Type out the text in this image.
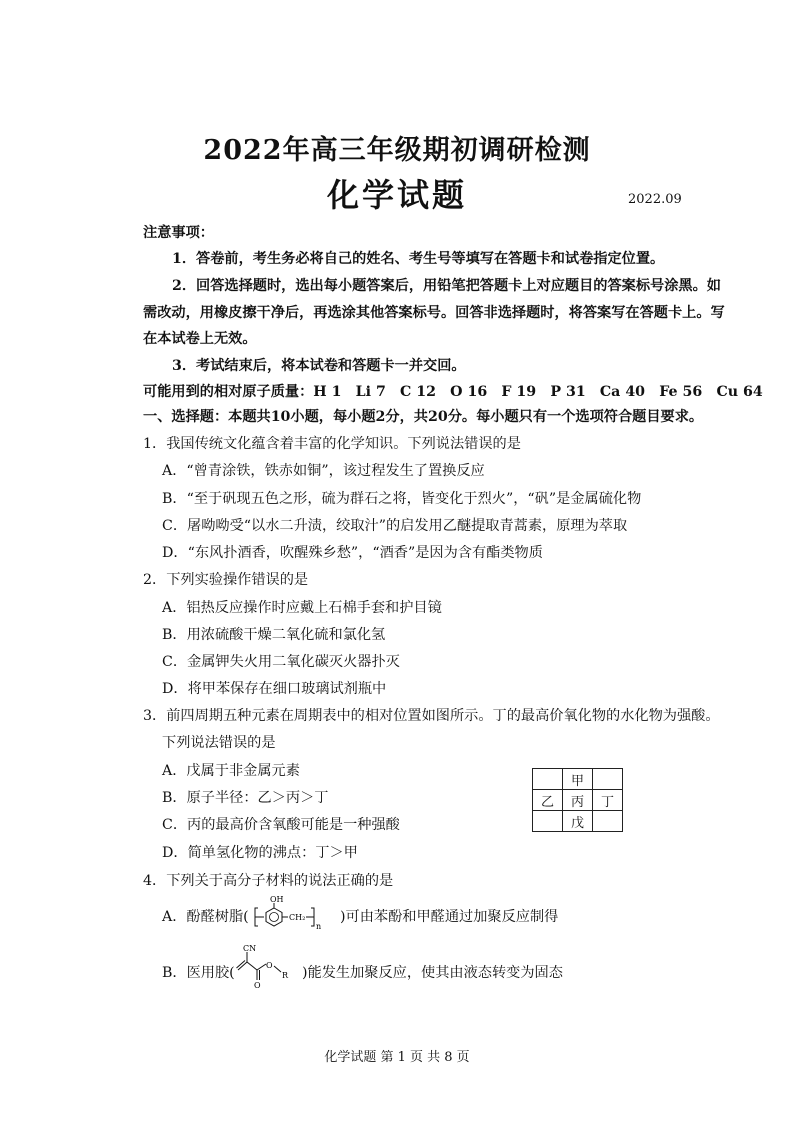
2022年高三年级期初调研检测
化学试题	2022.09
注意事项：
1．答卷前，考生务必将自己的姓名、考生号等填写在答题卡和试卷指定位置。
2．回答选择题时，选出每小题答案后，用铅笔把答题卡上对应题目的答案标号涂黑。如
需改动，用橡皮擦干净后，再选涂其他答案标号。回答非选择题时，将答案写在答题卡上。写
在本试卷上无效。
3．考试结束后，将本试卷和答题卡一并交回。
可能用到的相对原子质量：H 1　Li 7　C 12　O 16　F 19　P 31　Ca 40　Fe 56　Cu 64
一、选择题：本题共10小题，每小题2分，共20分。每小题只有一个选项符合题目要求。
1．我国传统文化蕴含着丰富的化学知识。下列说法错误的是
A．“曾青涂铁，铁赤如铜”，该过程发生了置换反应
B．“至于矾现五色之形，硫为群石之将，皆变化于烈火”，“矾”是金属硫化物
C．屠呦呦受“以水二升渍，绞取汁”的启发用乙醚提取青蒿素，原理为萃取
D．“东风扑酒香，吹醒殊乡愁”，“酒香”是因为含有酯类物质
2．下列实验操作错误的是
A．铝热反应操作时应戴上石棉手套和护目镜
B．用浓硫酸干燥二氧化硫和氯化氢
C．金属钾失火用二氧化碳灭火器扑灭
D．将甲苯保存在细口玻璃试剂瓶中
3．前四周期五种元素在周期表中的相对位置如图所示。丁的最高价氧化物的水化物为强酸。
下列说法错误的是
A．戊属于非金属元素
B．原子半径：乙＞丙＞丁
C．丙的最高价含氧酸可能是一种强酸
D．简单氢化物的沸点：丁＞甲
	甲	
乙	丙	丁
	戊	
4．下列关于高分子材料的说法正确的是
A．酚醛树脂(
OH
CH₂
n
)可由苯酚和甲醛通过加聚反应制得
B．医用胶(
CN
O
O
R )能发生加聚反应，使其由液态转变为固态
化学试题 第 1 页 共 8 页
